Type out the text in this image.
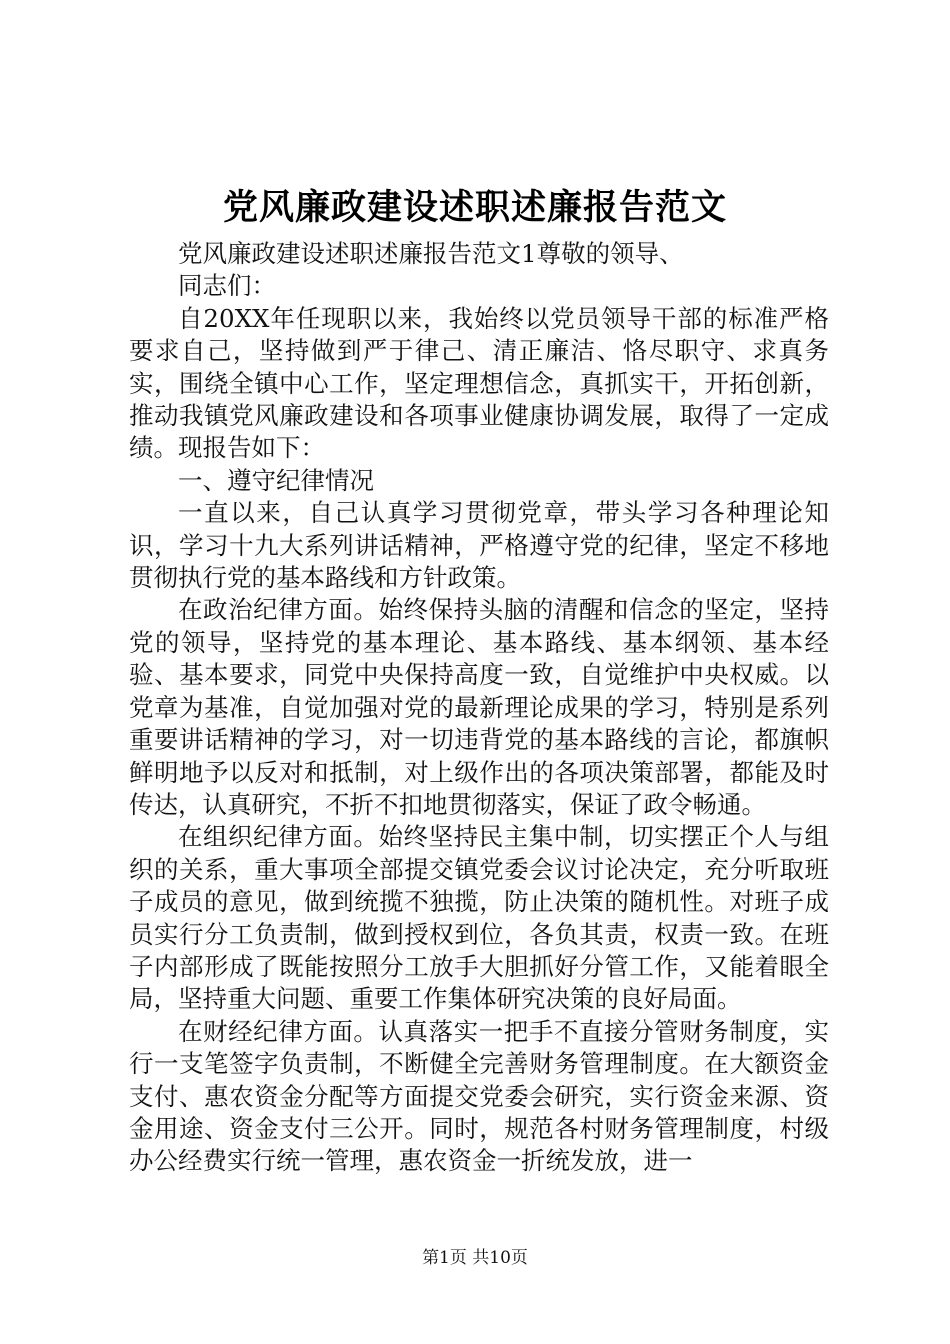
党风廉政建设述职述廉报告范文

党风廉政建设述职述廉报告范文1尊敬的领导、

同志们：

自20XX年任现职以来，我始终以党员领导干部的标准严格要求自己，坚持做到严于律己、清正廉洁、恪尽职守、求真务实，围绕全镇中心工作，坚定理想信念，真抓实干，开拓创新，推动我镇党风廉政建设和各项事业健康协调发展，取得了一定成绩。现报告如下：

一、遵守纪律情况

一直以来，自己认真学习贯彻党章，带头学习各种理论知识，学习十九大系列讲话精神，严格遵守党的纪律，坚定不移地贯彻执行党的基本路线和方针政策。

在政治纪律方面。始终保持头脑的清醒和信念的坚定，坚持党的领导，坚持党的基本理论、基本路线、基本纲领、基本经验、基本要求，同党中央保持高度一致，自觉维护中央权威。以党章为基准，自觉加强对党的最新理论成果的学习，特别是系列重要讲话精神的学习，对一切违背党的基本路线的言论，都旗帜鲜明地予以反对和抵制，对上级作出的各项决策部署，都能及时传达，认真研究，不折不扣地贯彻落实，保证了政令畅通。

在组织纪律方面。始终坚持民主集中制，切实摆正个人与组织的关系，重大事项全部提交镇党委会议讨论决定，充分听取班子成员的意见，做到统揽不独揽，防止决策的随机性。对班子成员实行分工负责制，做到授权到位，各负其责，权责一致。在班子内部形成了既能按照分工放手大胆抓好分管工作，又能着眼全局，坚持重大问题、重要工作集体研究决策的良好局面。

在财经纪律方面。认真落实一把手不直接分管财务制度，实行一支笔签字负责制，不断健全完善财务管理制度。在大额资金支付、惠农资金分配等方面提交党委会研究，实行资金来源、资金用途、资金支付三公开。同时，规范各村财务管理制度，村级办公经费实行统一管理，惠农资金一折统发放，进一

第1页 共10页
